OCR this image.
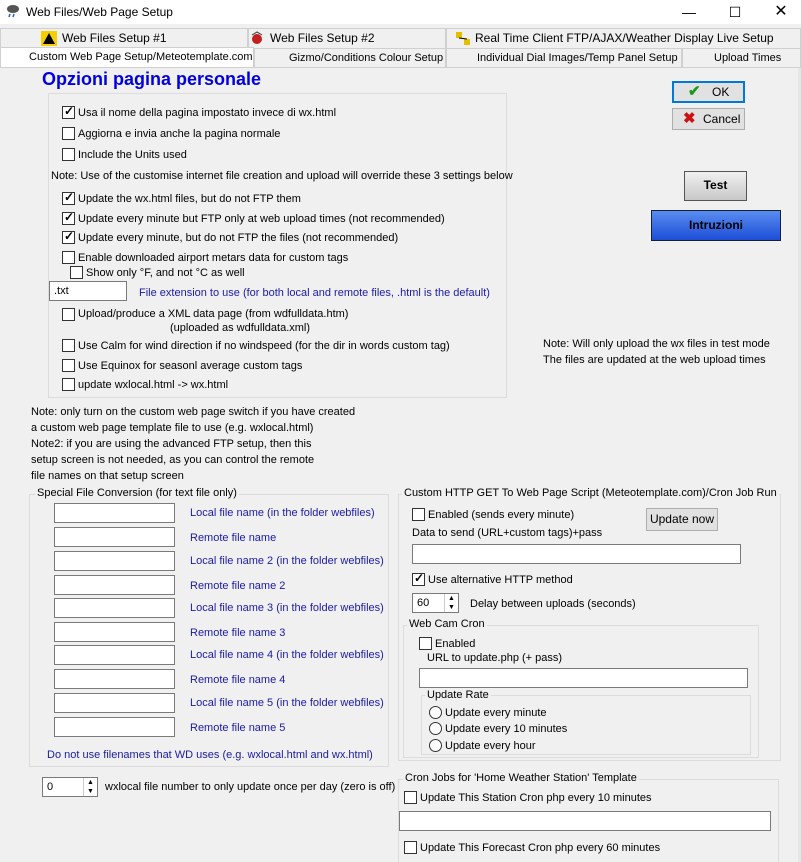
Web Files/Web Page Setup	—	☐	✕
Web Files Setup #1	Web Files Setup #2	Real Time Client FTP/AJAX/Weather Display Live Setup
Custom Web Page Setup/Meteotemplate.com	Gizmo/Conditions Colour Setup	Individual Dial Images/Temp Panel Setup	Upload Times
Opzioni pagina personale
✓
Usa il nome della pagina impostato invece di wx.html
Aggiorna e invia anche la pagina normale
Include the Units used
Note: Use of the customise internet file creation and upload will override these 3 settings below
✓
Update the wx.html files, but do not FTP them
✓
Update every minute but FTP only at web upload times (not recommended)
✓
Update every minute, but do not FTP the files (not recommended)
Enable downloaded airport metars data for custom tags
Show only °F, and not °C as well
.txt	File extension to use (for both local and remote files, .html is the default)
Upload/produce a XML data page (from wdfulldata.htm)
(uploaded as wdfulldata.xml)
Use Calm for wind direction if no windspeed (for the dir in words custom tag)
Use Equinox for seasonl average custom tags
update wxlocal.html -> wx.html
Note: only turn on the custom web page switch if you have created
a custom web page template file to use (e.g. wxlocal.html)
Note2: if you are using the advanced FTP setup, then this
setup screen is not needed, as you can control the remote
file names on that setup screen
✔ OK
✖ Cancel
Test
Intruzioni
Note: Will only upload the wx files in test mode
The files are updated at the web upload times
Special File Conversion (for text file only)
Local file name (in the folder webfiles)
Remote file name
Local file name 2 (in the folder webfiles)
Remote file name 2
Local file name 3 (in the folder webfiles)
Remote file name 3
Local file name 4 (in the folder webfiles)
Remote file name 4
Local file name 5 (in the folder webfiles)
Remote file name 5
Do not use filenames that WD uses (e.g. wxlocal.html and wx.html)
0	▲
▼ wxlocal file number to only update once per day (zero is off)
Custom HTTP GET To Web Page Script (Meteotemplate.com)/Cron Job Run
Enabled (sends every minute)	Update now
Data to send (URL+custom tags)+pass
✓
Use alternative HTTP method
60	▲
▼ Delay between uploads (seconds)
Web Cam Cron
Enabled
URL to update.php (+ pass)
Update Rate
Update every minute
Update every 10 minutes
Update every hour
Cron Jobs for 'Home Weather Station' Template
Update This Station Cron php every 10 minutes
Update This Forecast Cron php every 60 minutes
